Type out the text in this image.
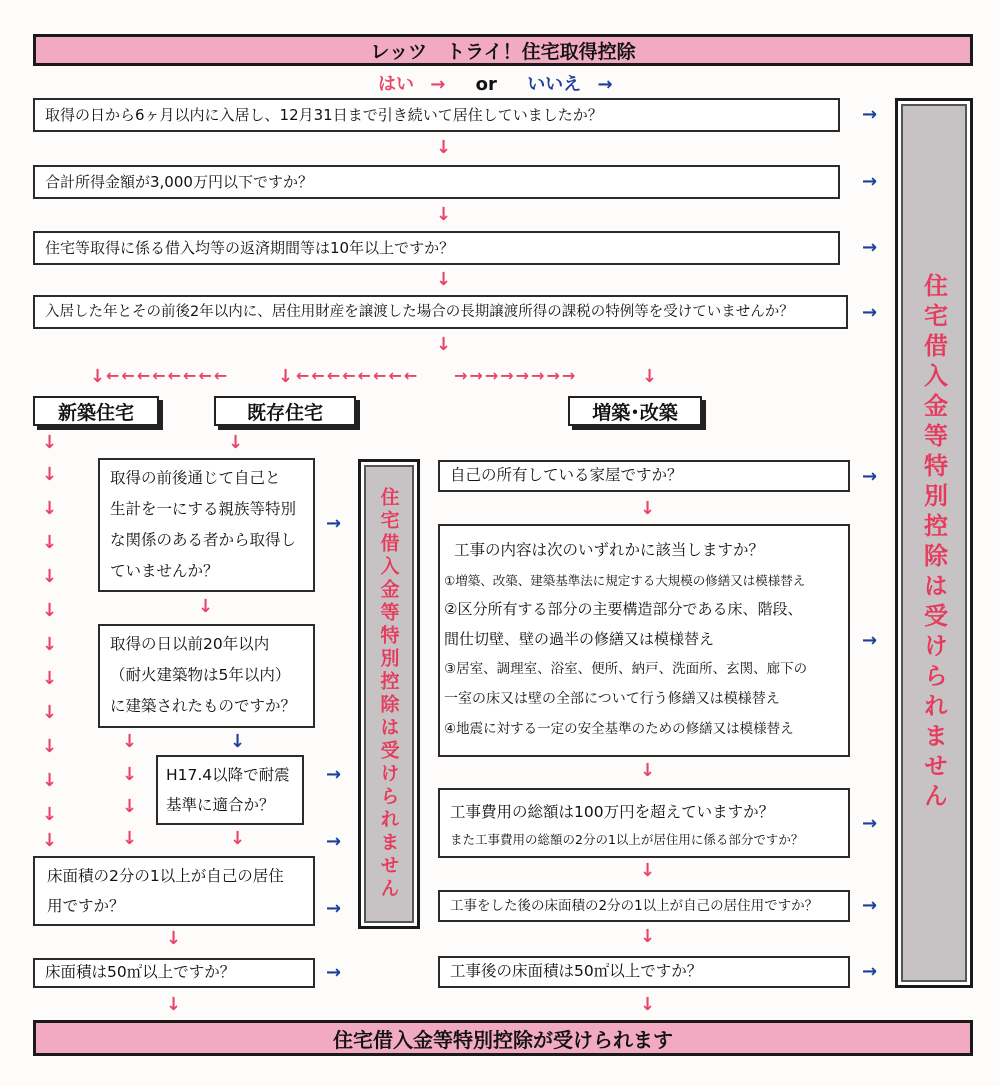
レッツ　トライ！住宅取得控除
はい → or いいえ →
取得の日から6ヶ月以内に入居し、12月31日まで引き続いて居住していましたか？
合計所得金額が3,000万円以下ですか？
住宅等取得に係る借入均等の返済期間等は10年以上ですか？
入居した年とその前後2年以内に、居住用財産を譲渡した場合の長期譲渡所得の課税の特例等を受けていませんか？
↓
↓
↓
↓
→
→
→
→
↓ ←←←←←←←←	↓ ←←←←←←←← →→→→→→→→	↓
新築住宅	既存住宅	増築･改築
↓
↓
↓
↓
↓
↓
↓
↓
↓
↓
↓
↓
↓
↓
取得の前後通じて自己と
生計を一にする親族等特別
な関係のある者から取得し
ていませんか？
→
↓
取得の日以前20年以内
（耐火建築物は5年以内）
に建築されたものですか？
↓
↓
↓
↓
↓
H17.4以降で耐震
基準に適合か？
→
↓	→
床面積の2分の1以上が自己の居住
用ですか？	→
↓
床面積は50㎡以上ですか？	→
↓
住宅借入金等特別控除は受けられません
自己の所有している家屋ですか？	→
↓
工事の内容は次のいずれかに該当しますか？
①増築、改築、建築基準法に規定する大規模の修繕又は模様替え
②区分所有する部分の主要構造部分である床、階段、
間仕切壁、壁の過半の修繕又は模様替え
③居室、調理室、浴室、便所、納戸、洗面所、玄関、廊下の
一室の床又は壁の全部について行う修繕又は模様替え
④地震に対する一定の安全基準のための修繕又は模様替え
→
↓
工事費用の総額は100万円を超えていますか？
また工事費用の総額の2分の1以上が居住用に係る部分ですか？
→
↓
工事をした後の床面積の2分の1以上が自己の居住用ですか？ →
↓
工事後の床面積は50㎡以上ですか？	→
↓
住宅借入金等特別控除は受けられません
住宅借入金等特別控除が受けられます
